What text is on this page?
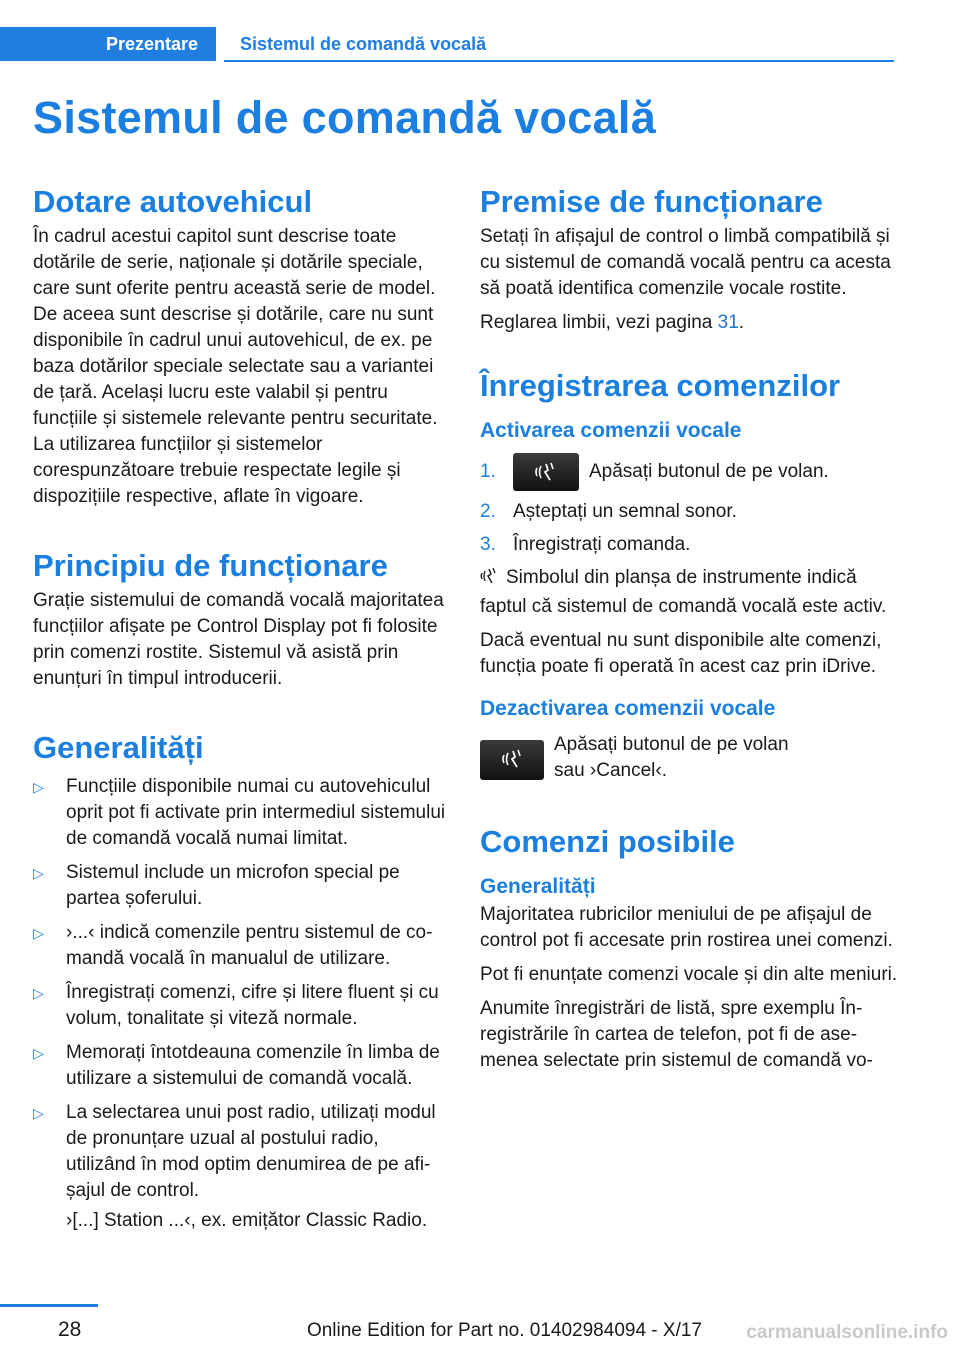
Prezentare	Sistemul de comandă vocală
Sistemul de comandă vocală
Dotare autovehicul

În cadrul acestui capitol sunt descrise toate dotările de serie, naționale și dotările speciale, care sunt oferite pentru această serie de model. De aceea sunt descrise și dotările, care nu sunt disponibile în cadrul unui autovehicul, de ex. pe baza dotărilor speciale selectate sau a variantei de țară. Același lucru este valabil și pentru funcțiile și sistemele relevante pentru securitate. La utilizarea funcțiilor și sistemelor corespunzătoare trebuie respectate legile și dispozițiile respective, aflate în vigoare.

Principiu de funcționare

Grație sistemului de comandă vocală majoritatea funcțiilor afișate pe Control Display pot fi folosite prin comenzi rostite. Sistemul vă asistă prin enunțuri în timpul introducerii.

Generalități
▷ Funcțiile disponibile numai cu autovehiculul oprit pot fi activate prin intermediul sistemului de comandă vocală numai limitat.
▷ Sistemul include un microfon special pe partea șoferului.
▷ ›...‹ indică comenzile pentru sistemul de comandă vocală în manualul de utilizare.
▷ Înregistrați comenzi, cifre și litere fluent și cu volum, tonalitate și viteză normale.
▷ Memorați întotdeauna comenzile în limba de utilizare a sistemului de comandă vocală.
▷ La selectarea unui post radio, utilizați modul de pronunțare uzual al postului radio, utilizând în mod optim denumirea de pe afișajul de control.
›[...] Station ...‹, ex. emițător Classic Radio.
Premise de funcționare

Setați în afișajul de control o limbă compatibilă și cu sistemul de comandă vocală pentru ca acesta să poată identifica comenzile vocale rostite.

Reglarea limbii, vezi pagina 31.

Înregistrarea comenzilor
Activarea comenzii vocale
1.	Apăsați butonul de pe volan.
2. Așteptați un semnal sonor.
3. Înregistrați comanda.

Simbolul din planșa de instrumente indică faptul că sistemul de comandă vocală este activ.

Dacă eventual nu sunt disponibile alte comenzi, funcția poate fi operată în acest caz prin iDrive.

Dezactivarea comenzii vocale

Apăsați butonul de pe volan sau ›Cancel‹.

Comenzi posibile
Generalități

Majoritatea rubricilor meniului de pe afișajul de control pot fi accesate prin rostirea unei comenzi.

Pot fi enunțate comenzi vocale și din alte meniuri.

Anumite înregistrări de listă, spre exemplu Înregistrările în cartea de telefon, pot fi de asemenea selectate prin sistemul de comandă vo-

28	Online Edition for Part no. 01402984094 - X/17 carmanualsonline.info
